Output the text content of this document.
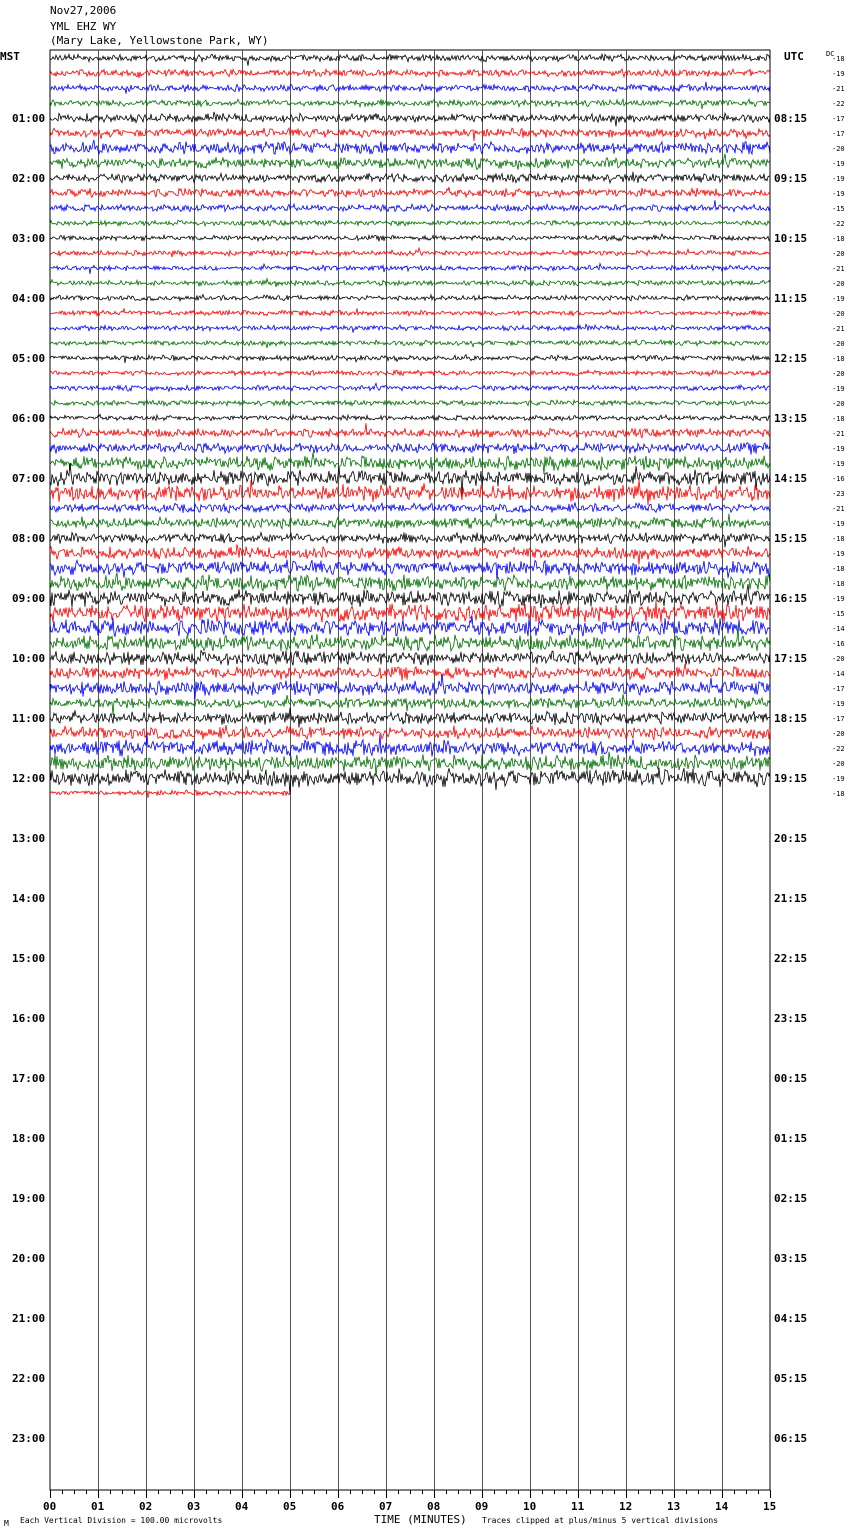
Nov27,2006
YML EHZ WY
(Mary Lake, Yellowstone Park, WY)
MST	UTC	DC
01:00
02:00
03:00
04:00
05:00
06:00
07:00
08:00
09:00
10:00
11:00
12:00
13:00
14:00
15:00
16:00
17:00
18:00
19:00
20:00
21:00
22:00
23:00
08:15
09:15
10:15
11:15
12:15
13:15
14:15
15:15
16:15
17:15
18:15
19:15
20:15
21:15
22:15
23:15
00:15
01:15
02:15
03:15
04:15
05:15
06:15
-18
-19
-21
-22
-17
-17
-20
-19
-19
-19
-15
-22
-18
-20
-21
-20
-19
-20
-21
-20
-18
-20
-19
-20
-18
-21
-19
-19
-16
-23
-21
-19
-18
-19
-18
-18
-19
-15
-14
-16
-20
-14
-17
-19
-17
-20
-22
-20
-19
-18
00	01	02	03	04	05	06	07	08	09	10	11	12	13	14	15
M Each Vertical Division = 100.00 microvolts	TIME (MINUTES) Traces clipped at plus/minus 5 vertical divisions
